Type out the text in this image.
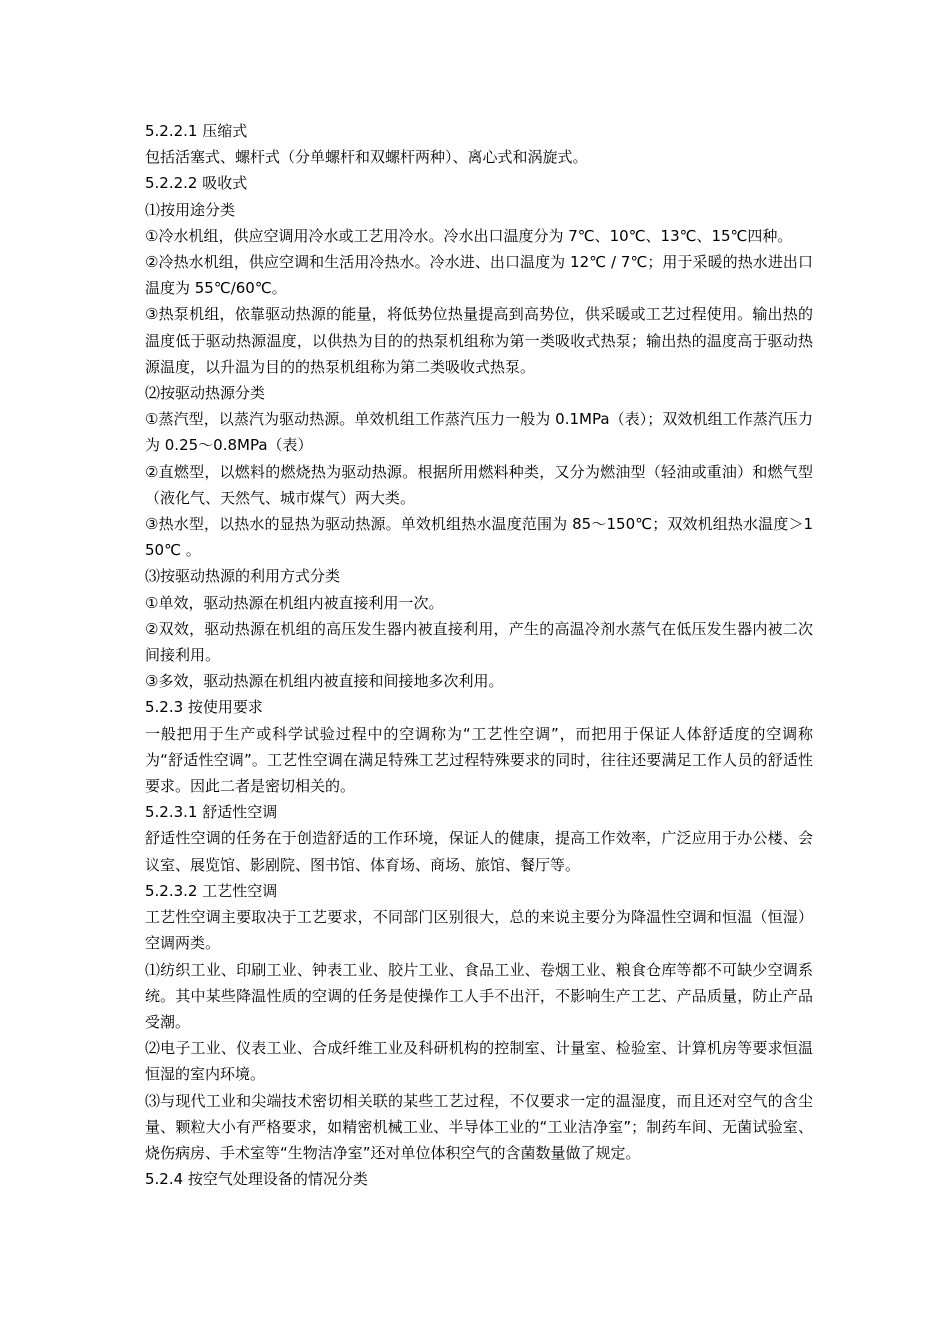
5.2.2.1 压缩式

包括活塞式、螺杆式（分单螺杆和双螺杆两种）、离心式和涡旋式。

5.2.2.2 吸收式

⑴按用途分类

①冷水机组，供应空调用冷水或工艺用冷水。冷水出口温度分为 7℃、10℃、13℃、15℃四种。

②冷热水机组，供应空调和生活用冷热水。冷水进、出口温度为 12℃ / 7℃；用于采暖的热水进出口温度为 55℃/60℃。

③热泵机组，依靠驱动热源的能量，将低势位热量提高到高势位，供采暖或工艺过程使用。输出热的温度低于驱动热源温度，以供热为目的的热泵机组称为第一类吸收式热泵；输出热的温度高于驱动热源温度，以升温为目的的热泵机组称为第二类吸收式热泵。

⑵按驱动热源分类

①蒸汽型，以蒸汽为驱动热源。单效机组工作蒸汽压力一般为 0.1MPa（表）；双效机组工作蒸汽压力为 0.25～0.8MPa（表）

②直燃型，以燃料的燃烧热为驱动热源。根据所用燃料种类，又分为燃油型（轻油或重油）和燃气型（液化气、天然气、城市煤气）两大类。

③热水型，以热水的显热为驱动热源。单效机组热水温度范围为 85～150℃；双效机组热水温度＞150℃ 。

⑶按驱动热源的利用方式分类

①单效，驱动热源在机组内被直接利用一次。

②双效，驱动热源在机组的高压发生器内被直接利用，产生的高温冷剂水蒸气在低压发生器内被二次间接利用。

③多效，驱动热源在机组内被直接和间接地多次利用。

5.2.3 按使用要求

一般把用于生产或科学试验过程中的空调称为“工艺性空调”，而把用于保证人体舒适度的空调称为“舒适性空调”。工艺性空调在满足特殊工艺过程特殊要求的同时，往往还要满足工作人员的舒适性要求。因此二者是密切相关的。

5.2.3.1 舒适性空调

舒适性空调的任务在于创造舒适的工作环境，保证人的健康，提高工作效率，广泛应用于办公楼、会议室、展览馆、影剧院、图书馆、体育场、商场、旅馆、餐厅等。

5.2.3.2 工艺性空调

工艺性空调主要取决于工艺要求，不同部门区别很大，总的来说主要分为降温性空调和恒温（恒湿）空调两类。

⑴纺织工业、印刷工业、钟表工业、胶片工业、食品工业、卷烟工业、粮食仓库等都不可缺少空调系统。其中某些降温性质的空调的任务是使操作工人手不出汗，不影响生产工艺、产品质量，防止产品受潮。

⑵电子工业、仪表工业、合成纤维工业及科研机构的控制室、计量室、检验室、计算机房等要求恒温恒湿的室内环境。

⑶与现代工业和尖端技术密切相关联的某些工艺过程，不仅要求一定的温湿度，而且还对空气的含尘量、颗粒大小有严格要求，如精密机械工业、半导体工业的“工业洁净室”；制药车间、无菌试验室、烧伤病房、手术室等“生物洁净室”还对单位体积空气的含菌数量做了规定。

5.2.4 按空气处理设备的情况分类
